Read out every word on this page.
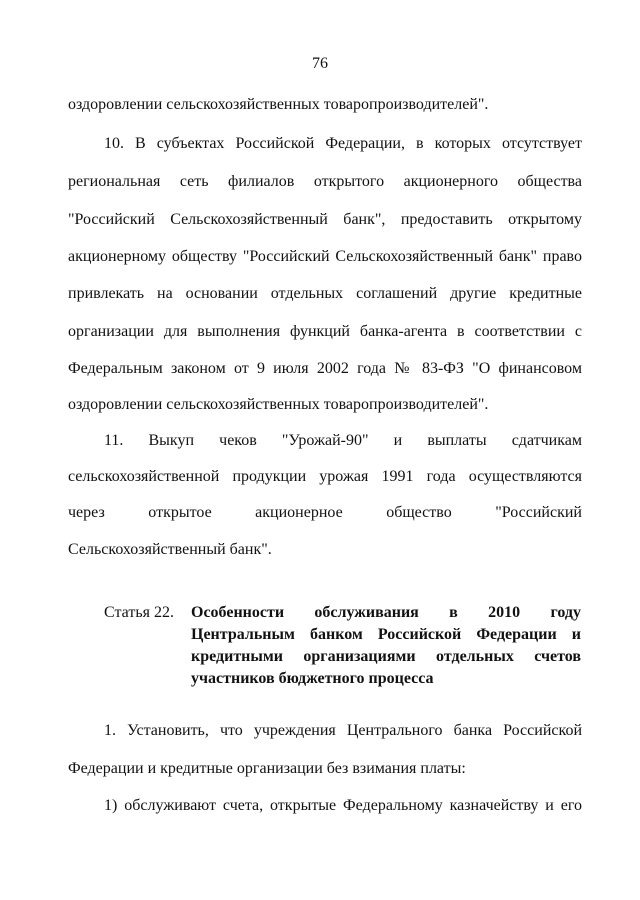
76
оздоровлении сельскохозяйственных товаропроизводителей".
10. В субъектах Российской Федерации, в которых отсутствует
региональная сеть филиалов открытого акционерного общества
"Российский Сельскохозяйственный банк", предоставить открытому
акционерному обществу "Российский Сельскохозяйственный банк" право
привлекать на основании отдельных соглашений другие кредитные
организации для выполнения функций банка-агента в соответствии с
Федеральным законом от 9 июля 2002 года № 83-ФЗ "О финансовом
оздоровлении сельскохозяйственных товаропроизводителей".
11. Выкуп чеков "Урожай-90" и выплаты сдатчикам
сельскохозяйственной продукции урожая 1991 года осуществляются
через открытое акционерное общество "Российский
Сельскохозяйственный банк".
Статья 22. Особенности обслуживания в 2010 году
Центральным банком Российской Федерации и
кредитными организациями отдельных счетов
участников бюджетного процесса
1. Установить, что учреждения Центрального банка Российской
Федерации и кредитные организации без взимания платы:
1) обслуживают счета, открытые Федеральному казначейству и его
